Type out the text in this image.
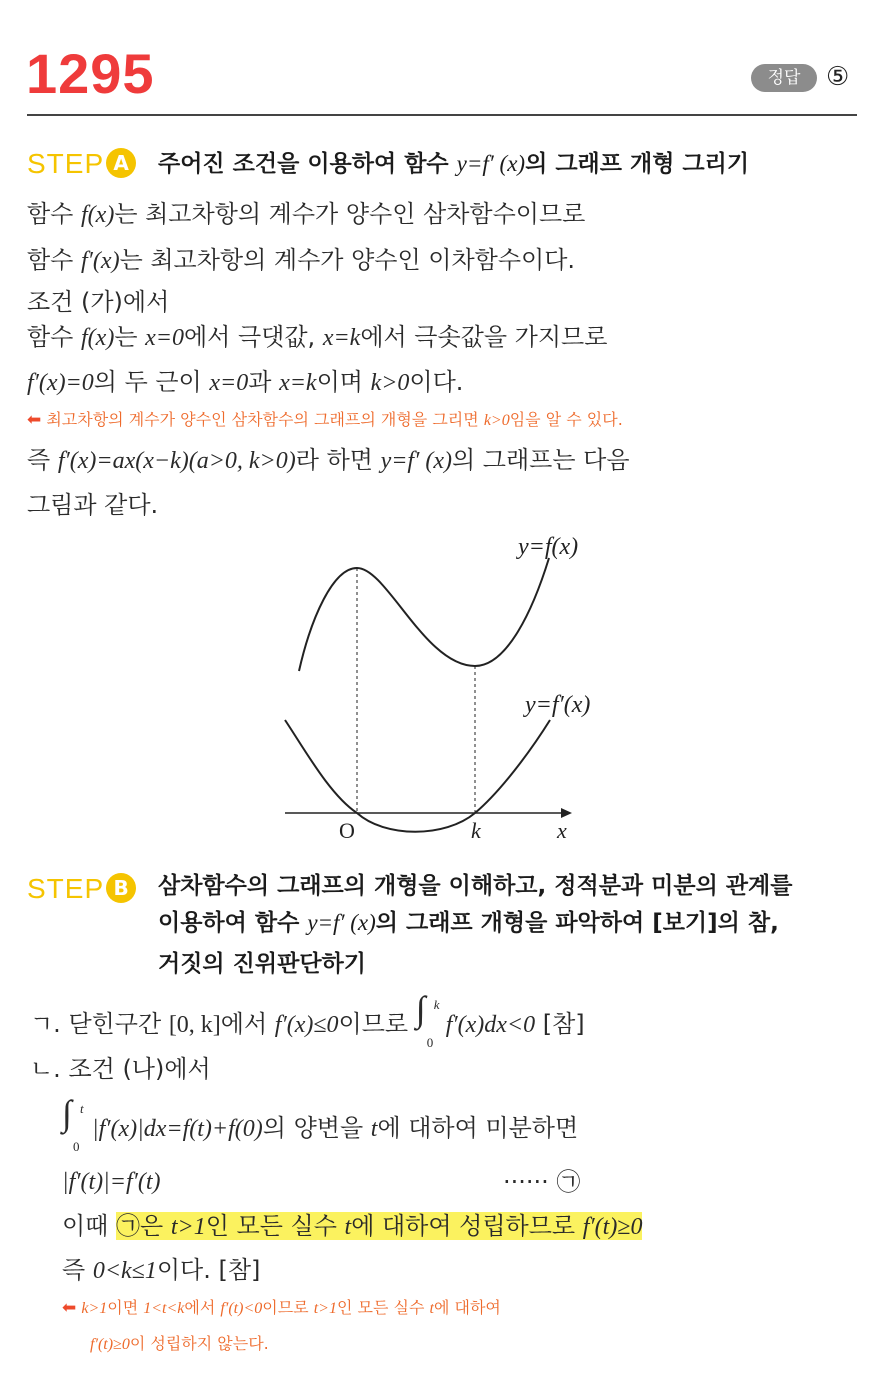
1295	정답 ⑤
STEP A	주어진 조건을 이용하여 함수 y=f′ (x)의 그래프 개형 그리기
함수 f(x)는 최고차항의 계수가 양수인 삼차함수이므로
함수 f′(x)는 최고차항의 계수가 양수인 이차함수이다.
조건 (가)에서
함수 f(x)는 x=0에서 극댓값, x=k에서 극솟값을 가지므로
f′(x)=0의 두 근이 x=0과 x=k이며 k>0이다.
⬅ 최고차항의 계수가 양수인 삼차함수의 그래프의 개형을 그리면 k>0임을 알 수 있다.
즉 f′(x)=ax(x−k)(a>0, k>0)라 하면 y=f′ (x)의 그래프는 다음
그림과 같다.
y=f(x)
y=f′(x)
O	k	x
STEP B	삼차함수의 그래프의 개형을 이해하고, 정적분과 미분의 관계를
이용하여 함수 y=f′ (x)의 그래프 개형을 파악하여 [보기]의 참,
거짓의 진위판단하기
ㄱ. 닫힌구간 [0, k]에서 f′(x)≤0이므로 ∫ k
0
f′(x)dx<0 [참]
ㄴ. 조건 (나)에서
∫ t
0
|f′(x)|dx=f(t)+f(0)의 양변을 t에 대하여 미분하면
|f′(t)|=f′(t)	······ ㉠
이때 ㉠은 t>1인 모든 실수 t에 대하여 성립하므로 f′(t)≥0
즉 0<k≤1이다. [참]
⬅ k>1이면 1<t<k에서 f′(t)<0이므로 t>1인 모든 실수 t에 대하여
f′(t)≥0이 성립하지 않는다.
